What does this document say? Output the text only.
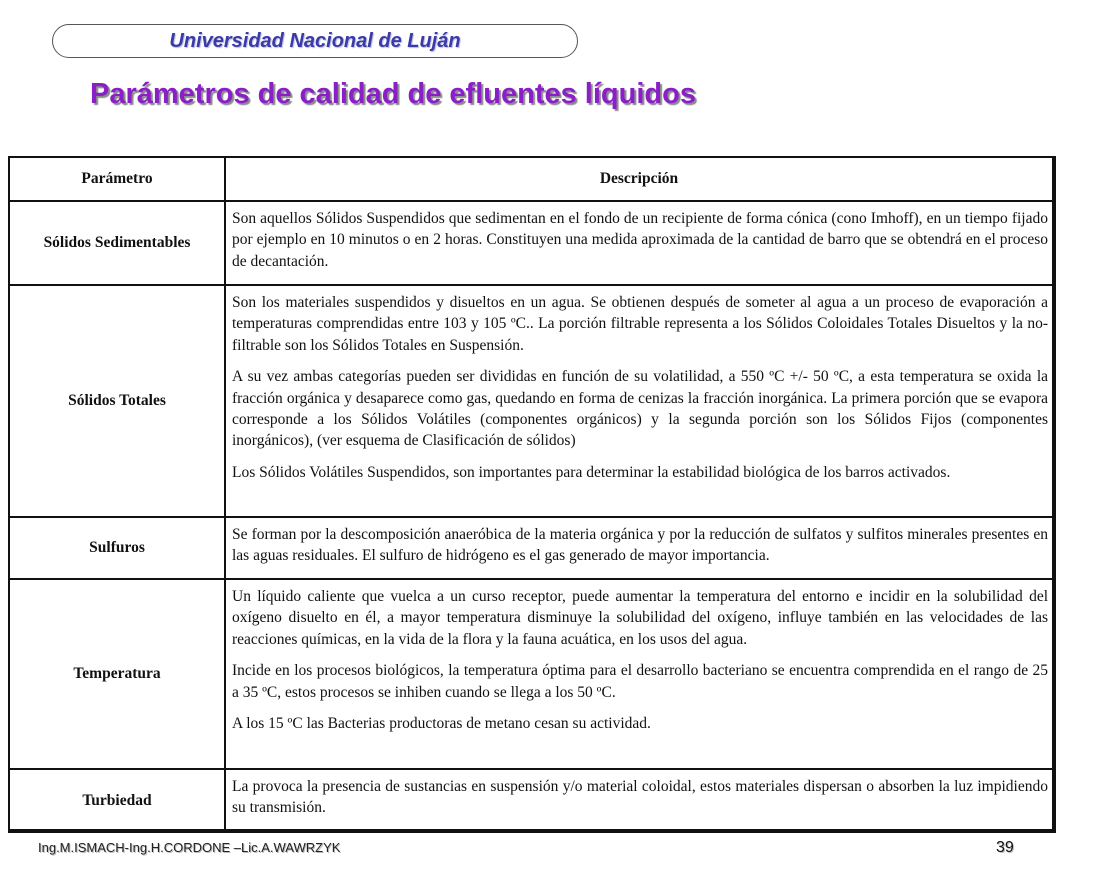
Universidad Nacional de Luján
Parámetros de calidad de efluentes líquidos
Parámetro	Descripción
Sólidos Sedimentables	Son aquellos Sólidos Suspendidos que sedimentan en el fondo de un recipiente de forma cónica (cono Imhoff), en un tiempo fijado por ejemplo en 10 minutos o en 2 horas. Constituyen una medida aproximada de la cantidad de barro que se obtendrá en el proceso de decantación.

Sólidos Totales	Son los materiales suspendidos y disueltos en un agua. Se obtienen después de someter al agua a un proceso de evaporación a temperaturas comprendidas entre 103 y 105 ºC.. La porción filtrable representa a los Sólidos Coloidales Totales Disueltos y la no-filtrable son los Sólidos Totales en Suspensión.

A su vez ambas categorías pueden ser divididas en función de su volatilidad, a 550 ºC +/- 50 ºC, a esta temperatura se oxida la fracción orgánica y desaparece como gas, quedando en forma de cenizas la fracción inorgánica. La primera porción que se evapora corresponde a los Sólidos Volátiles (componentes orgánicos) y la segunda porción son los Sólidos Fijos (componentes inorgánicos), (ver esquema de Clasificación de sólidos)

Los Sólidos Volátiles Suspendidos, son importantes para determinar la estabilidad biológica de los barros activados.

Sulfuros	Se forman por la descomposición anaeróbica de la materia orgánica y por la reducción de sulfatos y sulfitos minerales presentes en las aguas residuales. El sulfuro de hidrógeno es el gas generado de mayor importancia.

Temperatura	Un líquido caliente que vuelca a un curso receptor, puede aumentar la temperatura del entorno e incidir en la solubilidad del oxígeno disuelto en él, a mayor temperatura disminuye la solubilidad del oxígeno, influye también en las velocidades de las reacciones químicas, en la vida de la flora y la fauna acuática, en los usos del agua.

Incide en los procesos biológicos, la temperatura óptima para el desarrollo bacteriano se encuentra comprendida en el rango de 25 a 35 ºC, estos procesos se inhiben cuando se llega a los 50 ºC.

A los 15 ºC las Bacterias productoras de metano cesan su actividad.

Turbiedad	La provoca la presencia de sustancias en suspensión y/o material coloidal, estos materiales dispersan o absorben la luz impidiendo su transmisión.

Ing.M.ISMACH-Ing.H.CORDONE –Lic.A.WAWRZYK	39
